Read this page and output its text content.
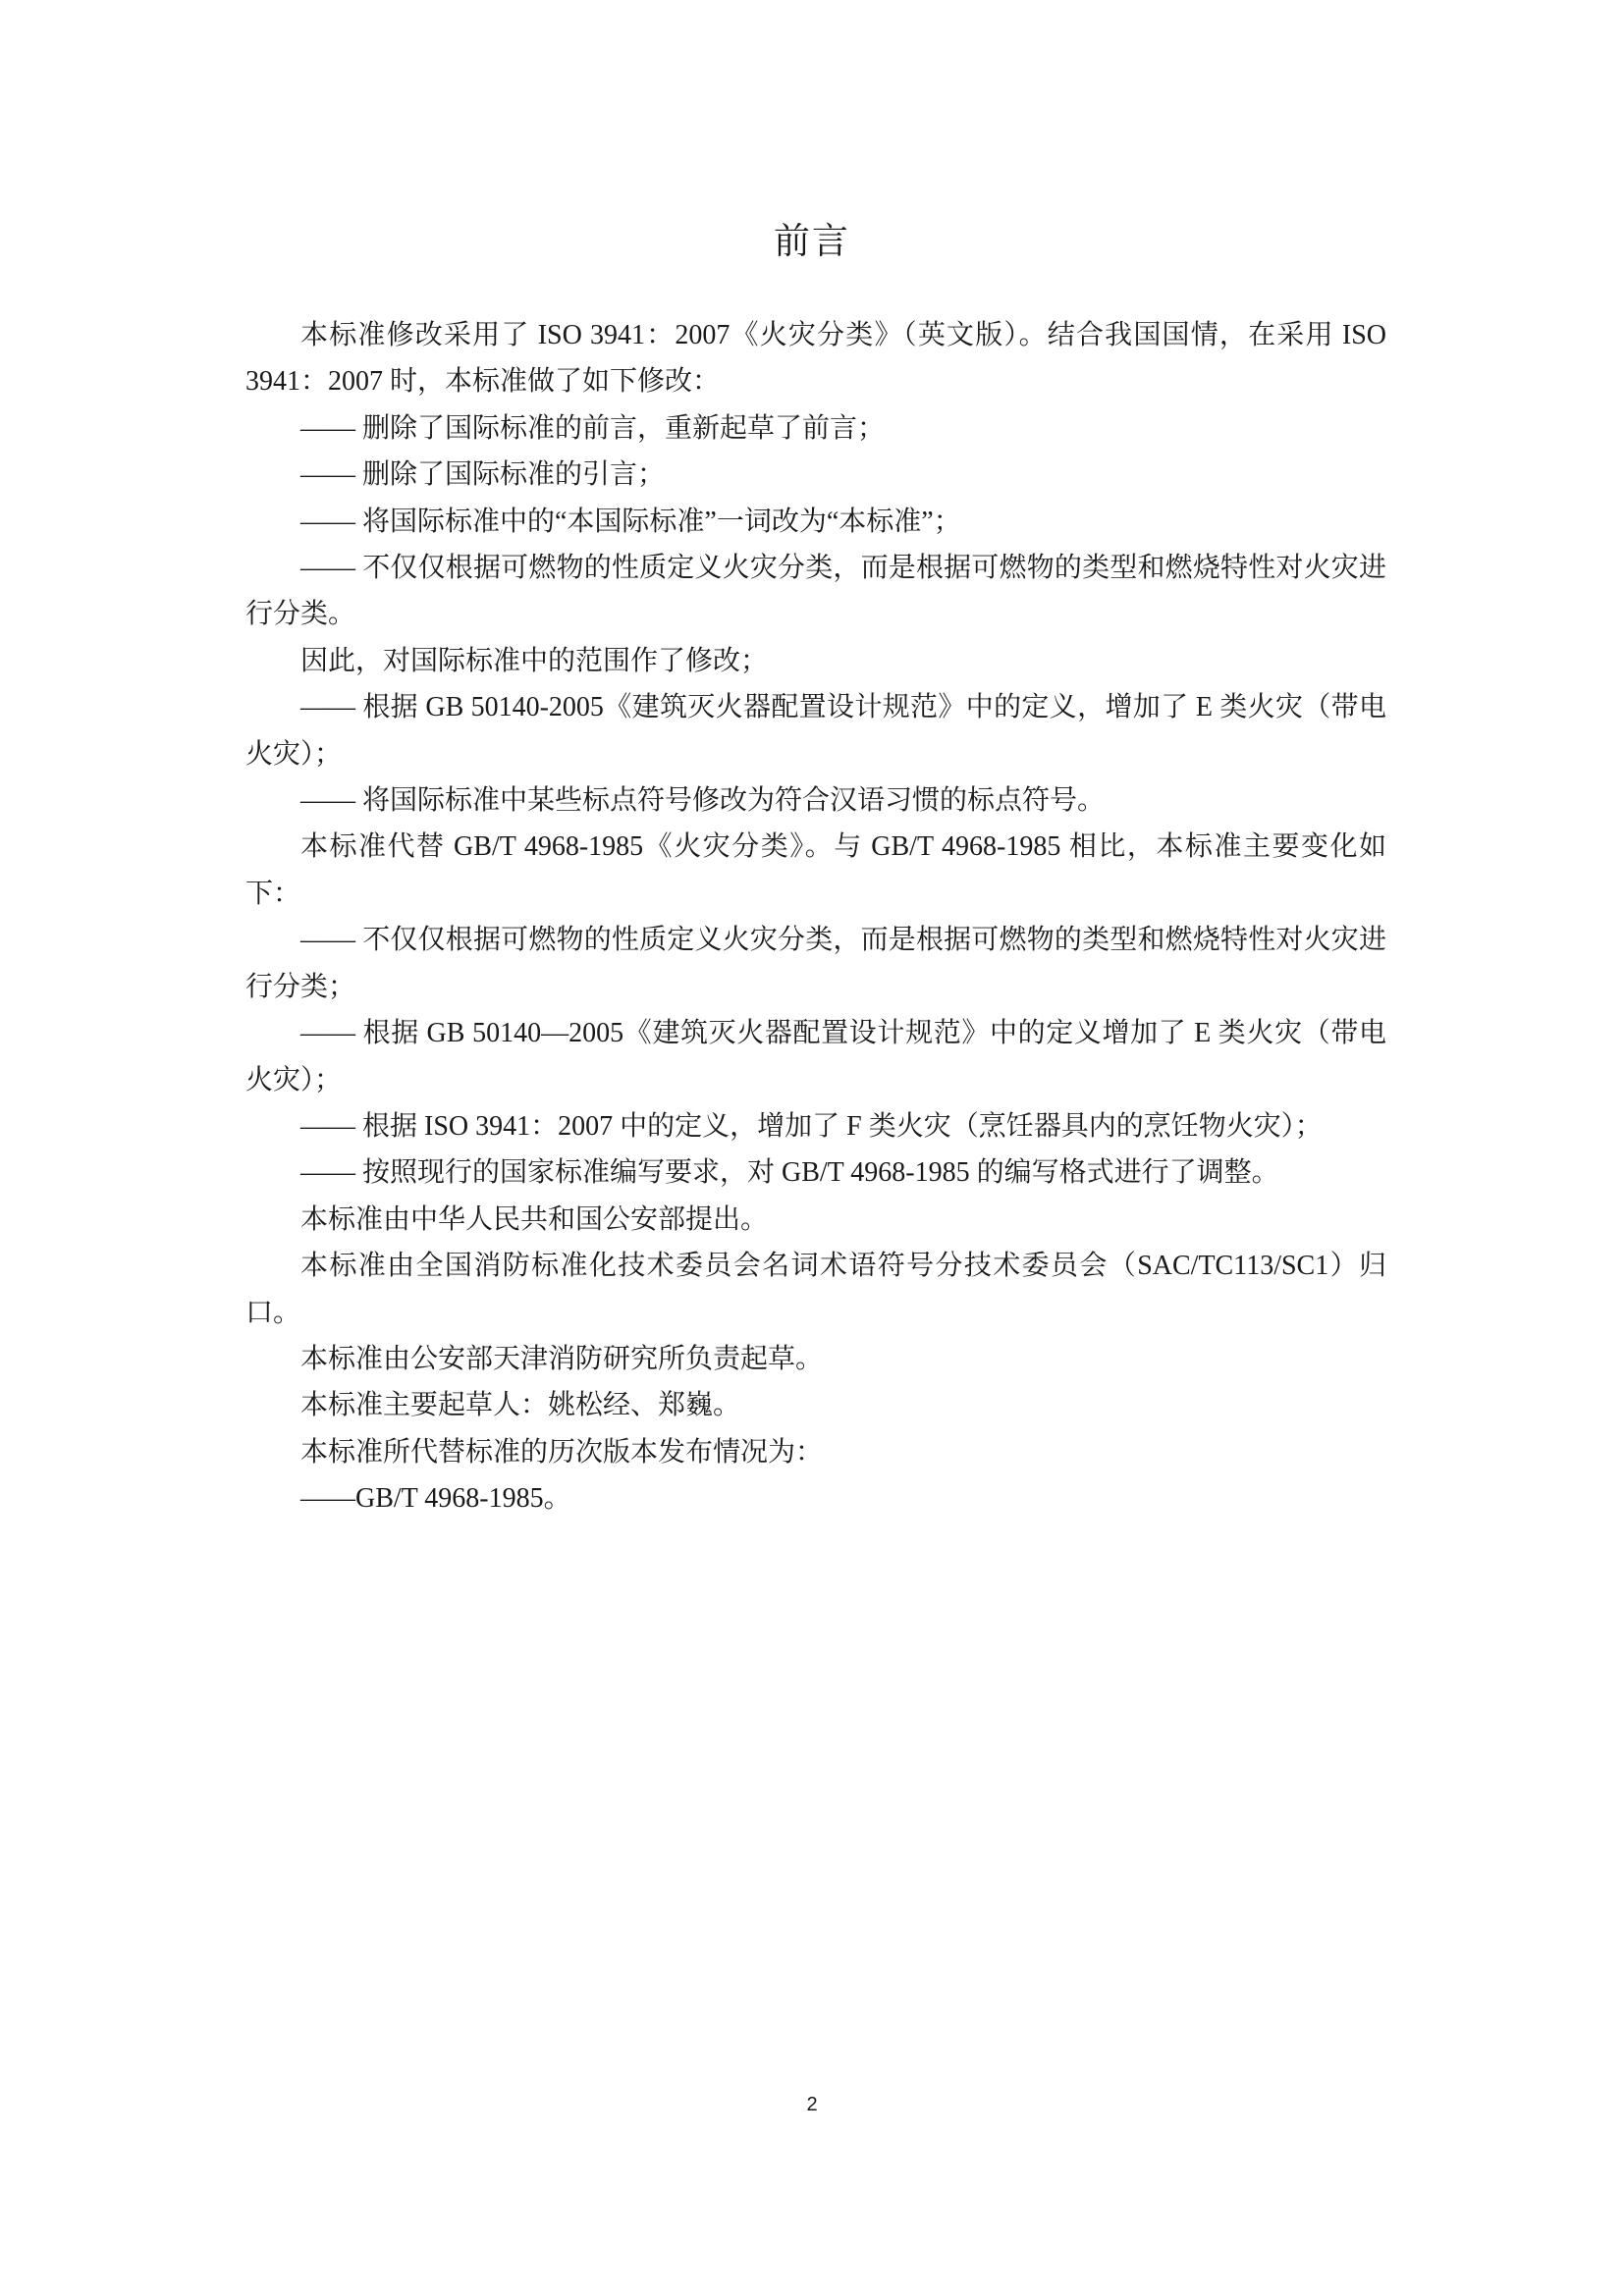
前言

本标准修改采用了 ISO 3941：2007《火灾分类》（英文版）。结合我国国情，在采用 ISO 3941：2007 时，本标准做了如下修改：

—— 删除了国际标准的前言，重新起草了前言；

—— 删除了国际标准的引言；

—— 将国际标准中的“本国际标准”一词改为“本标准”；

—— 不仅仅根据可燃物的性质定义火灾分类，而是根据可燃物的类型和燃烧特性对火灾进行分类。

因此，对国际标准中的范围作了修改；

—— 根据 GB 50140-2005《建筑灭火器配置设计规范》中的定义，增加了 E 类火灾（带电火灾）；

—— 将国际标准中某些标点符号修改为符合汉语习惯的标点符号。

本标准代替 GB/T 4968-1985《火灾分类》。与 GB/T 4968-1985 相比，本标准主要变化如下：

—— 不仅仅根据可燃物的性质定义火灾分类，而是根据可燃物的类型和燃烧特性对火灾进行分类；

—— 根据 GB 50140—2005《建筑灭火器配置设计规范》中的定义增加了 E 类火灾（带电火灾）；

—— 根据 ISO 3941：2007 中的定义，增加了 F 类火灾（烹饪器具内的烹饪物火灾）；

—— 按照现行的国家标准编写要求，对 GB/T 4968-1985 的编写格式进行了调整。

本标准由中华人民共和国公安部提出。

本标准由全国消防标准化技术委员会名词术语符号分技术委员会（SAC/TC113/SC1）归口。

本标准由公安部天津消防研究所负责起草。

本标准主要起草人：姚松经、郑巍。

本标准所代替标准的历次版本发布情况为：

——GB/T 4968-1985。

2
